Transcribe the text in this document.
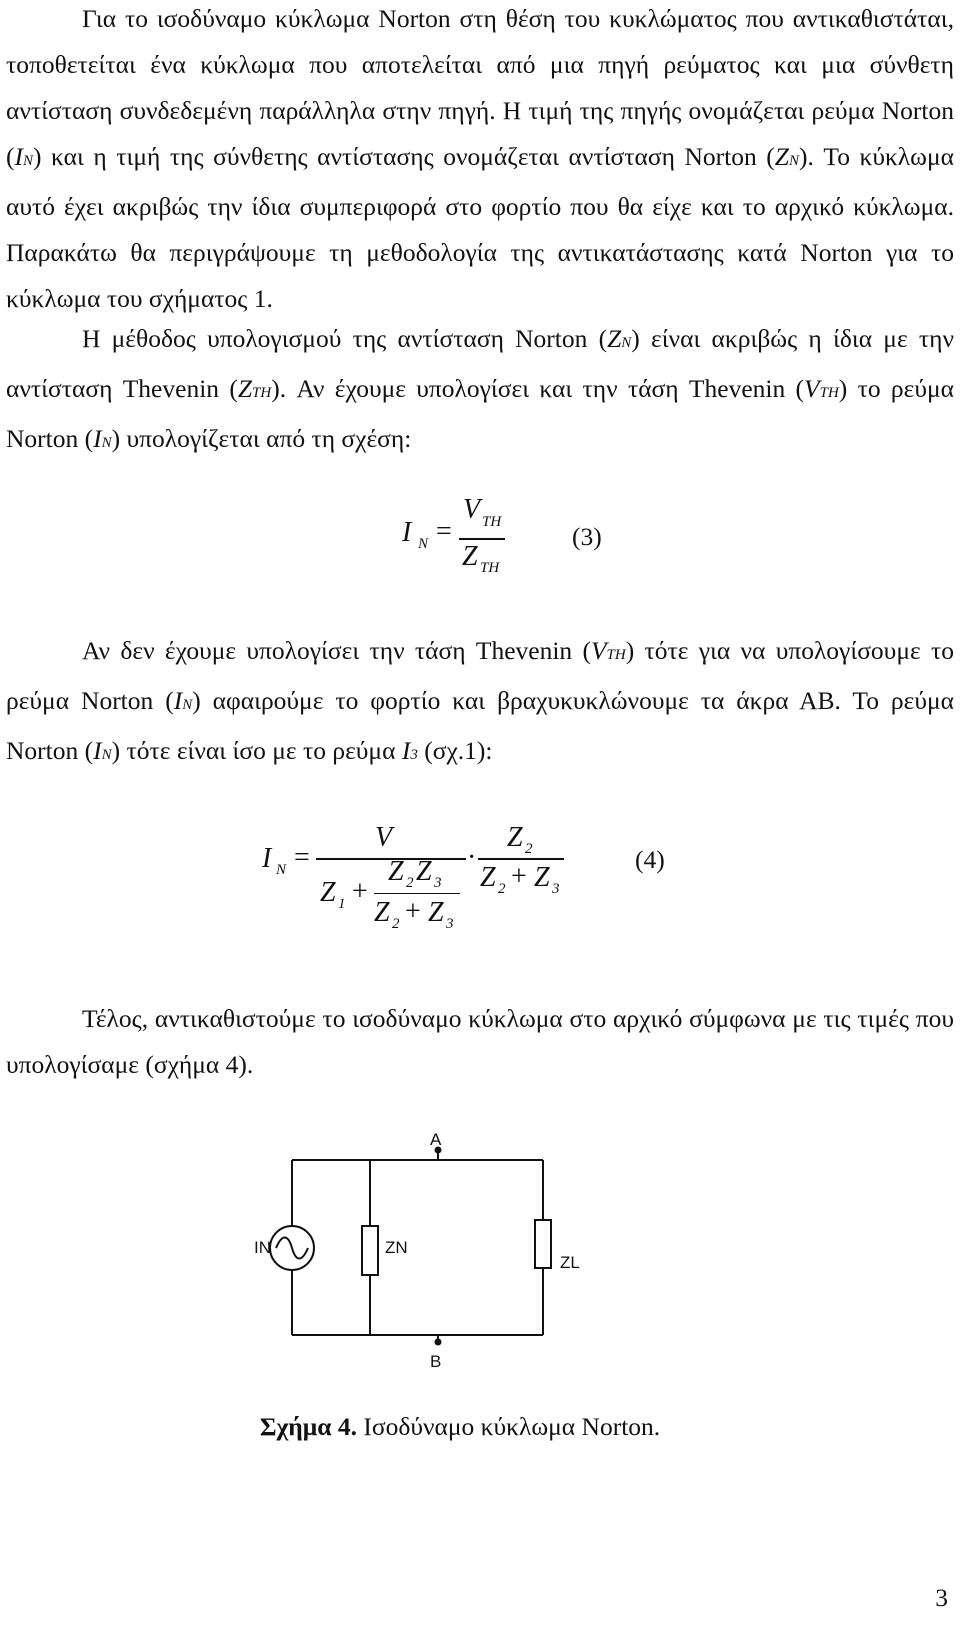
Για το ισοδύναμο κύκλωμα Norton στη θέση του κυκλώματος που αντικαθιστάται, τοποθετείται ένα κύκλωμα που αποτελείται από μια πηγή ρεύματος και μια σύνθετη αντίσταση συνδεδεμένη παράλληλα στην πηγή. Η τιμή της πηγής ονομάζεται ρεύμα Norton (IN) και η τιμή της σύνθετης αντίστασης ονομάζεται αντίσταση Norton (ZN). Το κύκλωμα αυτό έχει ακριβώς την ίδια συμπεριφορά στο φορτίο που θα είχε και το αρχικό κύκλωμα. Παρακάτω θα περιγράψουμε τη μεθοδολογία της αντικατάστασης κατά Norton για το κύκλωμα του σχήματος 1.

Η μέθοδος υπολογισμού της αντίσταση Norton (ZN) είναι ακριβώς η ίδια με την αντίσταση Thevenin (ZTH). Αν έχουμε υπολογίσει και την τάση Thevenin (VTH) το ρεύμα Norton (IN) υπολογίζεται από τη σχέση:

I N =
V TH
Z TH
(3)

Αν δεν έχουμε υπολογίσει την τάση Thevenin (VTH) τότε για να υπολογίσουμε το ρεύμα Norton (IN) αφαιρούμε το φορτίο και βραχυκυκλώνουμε τα άκρα ΑΒ. Το ρεύμα Norton (IN) τότε είναι ίσο με το ρεύμα I3 (σχ.1):

I N =
V
Z 1 +
Z 2 Z 3
Z 2 + Z 3
·
Z 2
Z 2 + Z 3
(4)

Τέλος, αντικαθιστούμε το ισοδύναμο κύκλωμα στο αρχικό σύμφωνα με τις τιμές που υπολογίσαμε (σχήμα 4).

A
IN	ZN
ZL
B
Σχήμα 4. Ισοδύναμο κύκλωμα Norton.
3
